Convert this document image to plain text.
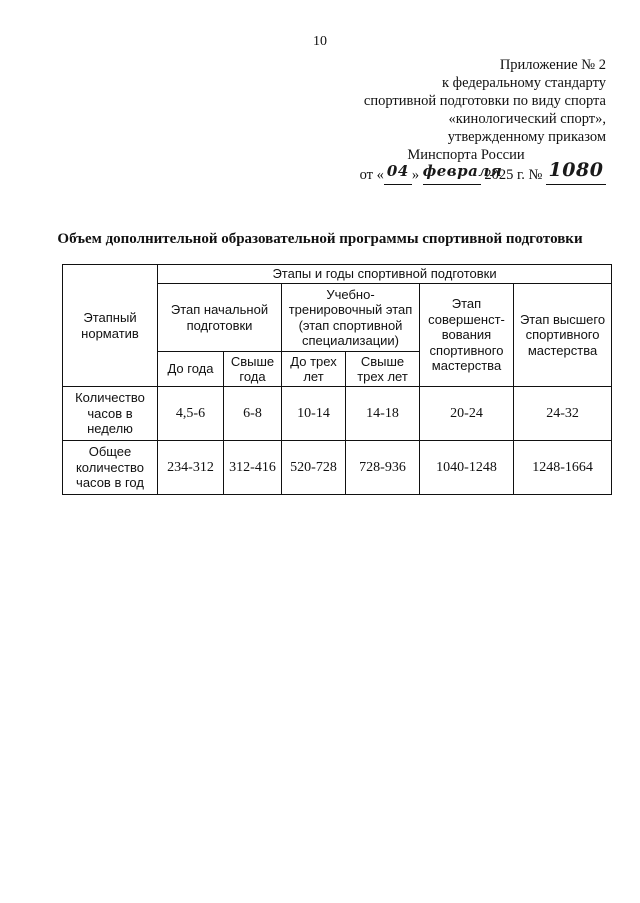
10
Приложение № 2
к федеральному стандарту
спортивной подготовки по виду спорта
«кинологический спорт»,
утвержденному приказом
Минспорта России
от « 04 » февраля 2025 г. № 1080
Объем дополнительной образовательной программы спортивной подготовки
Этапный норматив	Этапы и годы спортивной подготовки					
	Этап начальной подготовки		Учебно-тренировочный этап (этап спортивной специализации)		Этап совершенст-вования спортивного мастерства	Этап высшего спортивного мастерства
	До года	Свыше года	До трех лет	Свыше трех лет		
Количество часов в неделю	4,5-6	6-8	10-14	14-18	20-24	24-32
Общее количество часов в год	234-312	312-416	520-728	728-936	1040-1248	1248-1664
